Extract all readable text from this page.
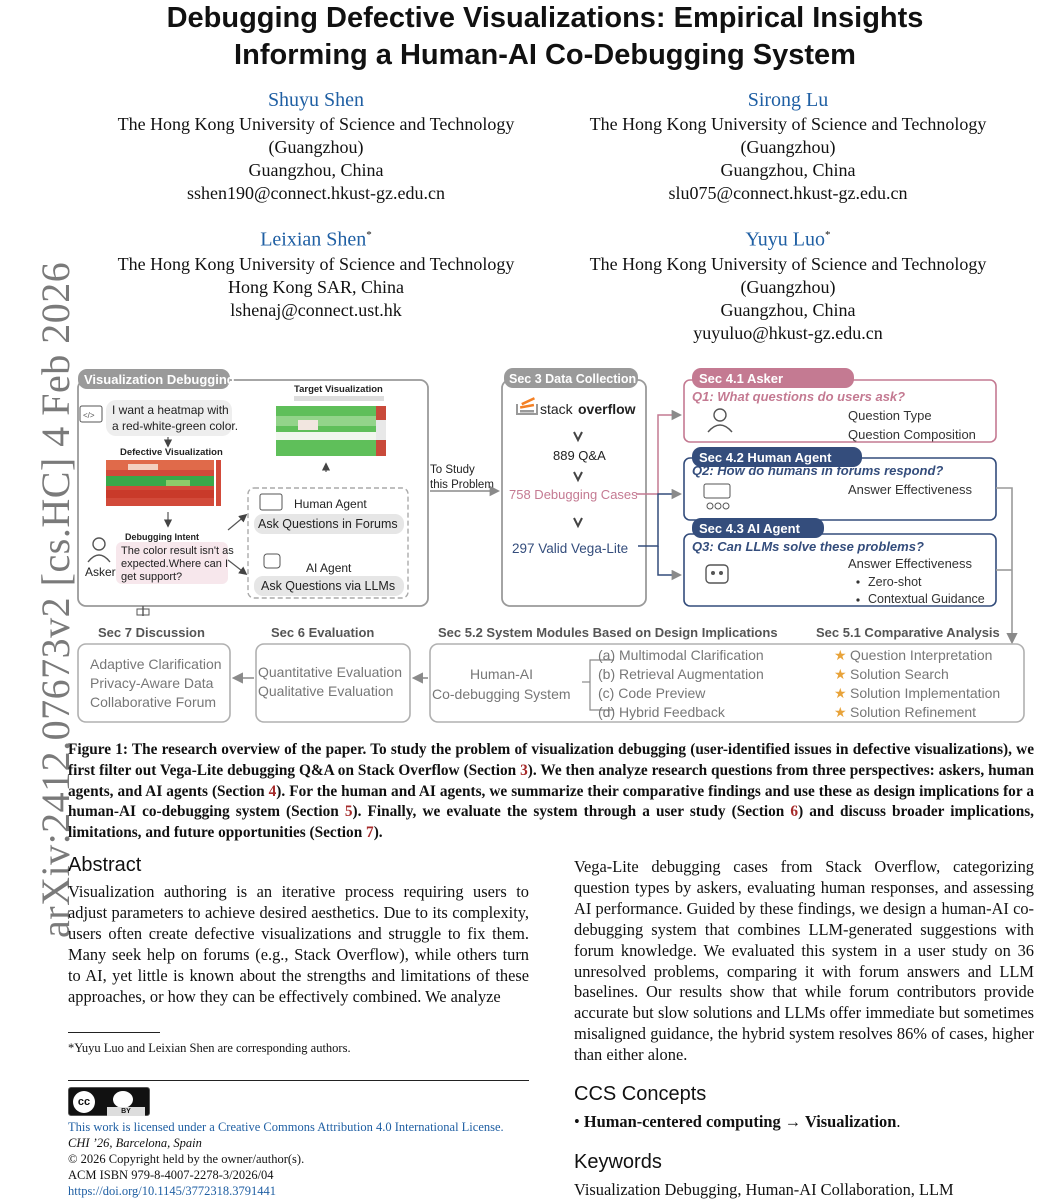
arXiv:2412.07673v2 [cs.HC] 4 Feb 2026
Debugging Defective Visualizations: Empirical Insights
Informing a Human-AI Co-Debugging System
Shuyu Shen
The Hong Kong University of Science and Technology
(Guangzhou)
Guangzhou, China
sshen190@connect.hkust-gz.edu.cn
Sirong Lu
The Hong Kong University of Science and Technology
(Guangzhou)
Guangzhou, China
slu075@connect.hkust-gz.edu.cn
Leixian Shen*
The Hong Kong University of Science and Technology
Hong Kong SAR, China
lshenaj@connect.ust.hk
Yuyu Luo*
The Hong Kong University of Science and Technology
(Guangzhou)
Guangzhou, China
yuyuluo@hkust-gz.edu.cn
Visualization Debugging
</> I want a heatmap with
a red-white-green color.
Defective Visualization
Debugging Intent
Asker
The color result isn't as
expected.Where can I
get support?
Target Visualization
Human Agent
Ask Questions in Forums
AI Agent
Ask Questions via LLMs
To Study
this Problem
Sec 3 Data Collection
stack overflow
889 Q&A
758 Debugging Cases
297 Valid Vega-Lite
Sec 4.1 Asker
Q1: What questions do users ask?
Question Type
Question Composition
Sec 4.2 Human Agent
Q2: How do humans in forums respond?
Answer Effectiveness
Sec 4.3 AI Agent
Q3: Can LLMs solve these problems?
Answer Effectiveness
Zero-shot
Contextual Guidance
Sec 7 Discussion	Sec 6 Evaluation	Sec 5.2 System Modules Based on Design Implications	Sec 5.1 Comparative Analysis
Adaptive Clarification
Privacy-Aware Data
Collaborative Forum
Quantitative Evaluation
Qualitative Evaluation
Human-AI
Co-debugging System
(a) Multimodal Clarification
(b) Retrieval Augmentation
(c) Code Preview
(d) Hybrid Feedback
★ Question Interpretation
★ Solution Search
★ Solution Implementation
★ Solution Refinement
Figure 1: The research overview of the paper. To study the problem of visualization debugging (user-identified issues in defective visualizations), we first filter out Vega-Lite debugging Q&A on Stack Overflow (Section 3). We then analyze research questions from three perspectives: askers, human agents, and AI agents (Section 4). For the human and AI agents, we summarize their comparative findings and use these as design implications for a human-AI co-debugging system (Section 5). Finally, we evaluate the system through a user study (Section 6) and discuss broader implications, limitations, and future opportunities (Section 7).
Abstract
Visualization authoring is an iterative process requiring users to adjust parameters to achieve desired aesthetics. Due to its complexity, users often create defective visualizations and struggle to fix them. Many seek help on forums (e.g., Stack Overflow), while others turn to AI, yet little is known about the strengths and limitations of these approaches, or how they can be effectively combined. We analyze
Vega-Lite debugging cases from Stack Overflow, categorizing question types by askers, evaluating human responses, and assessing AI performance. Guided by these findings, we design a human-AI co-debugging system that combines LLM-generated suggestions with forum knowledge. We evaluated this system in a user study on 36 unresolved problems, comparing it with forum answers and LLM baselines. Our results show that while forum contributors provide accurate but slow solutions and LLMs offer immediate but sometimes misaligned guidance, the hybrid system resolves 86% of cases, higher than either alone.
*Yuyu Luo and Leixian Shen are corresponding authors.
cc
BY
This work is licensed under a Creative Commons Attribution 4.0 International License.
CHI ’26, Barcelona, Spain
© 2026 Copyright held by the owner/author(s).
ACM ISBN 979-8-4007-2278-3/2026/04
https://doi.org/10.1145/3772318.3791441
CCS Concepts
• Human-centered computing → Visualization.
Keywords
Visualization Debugging, Human-AI Collaboration, LLM
